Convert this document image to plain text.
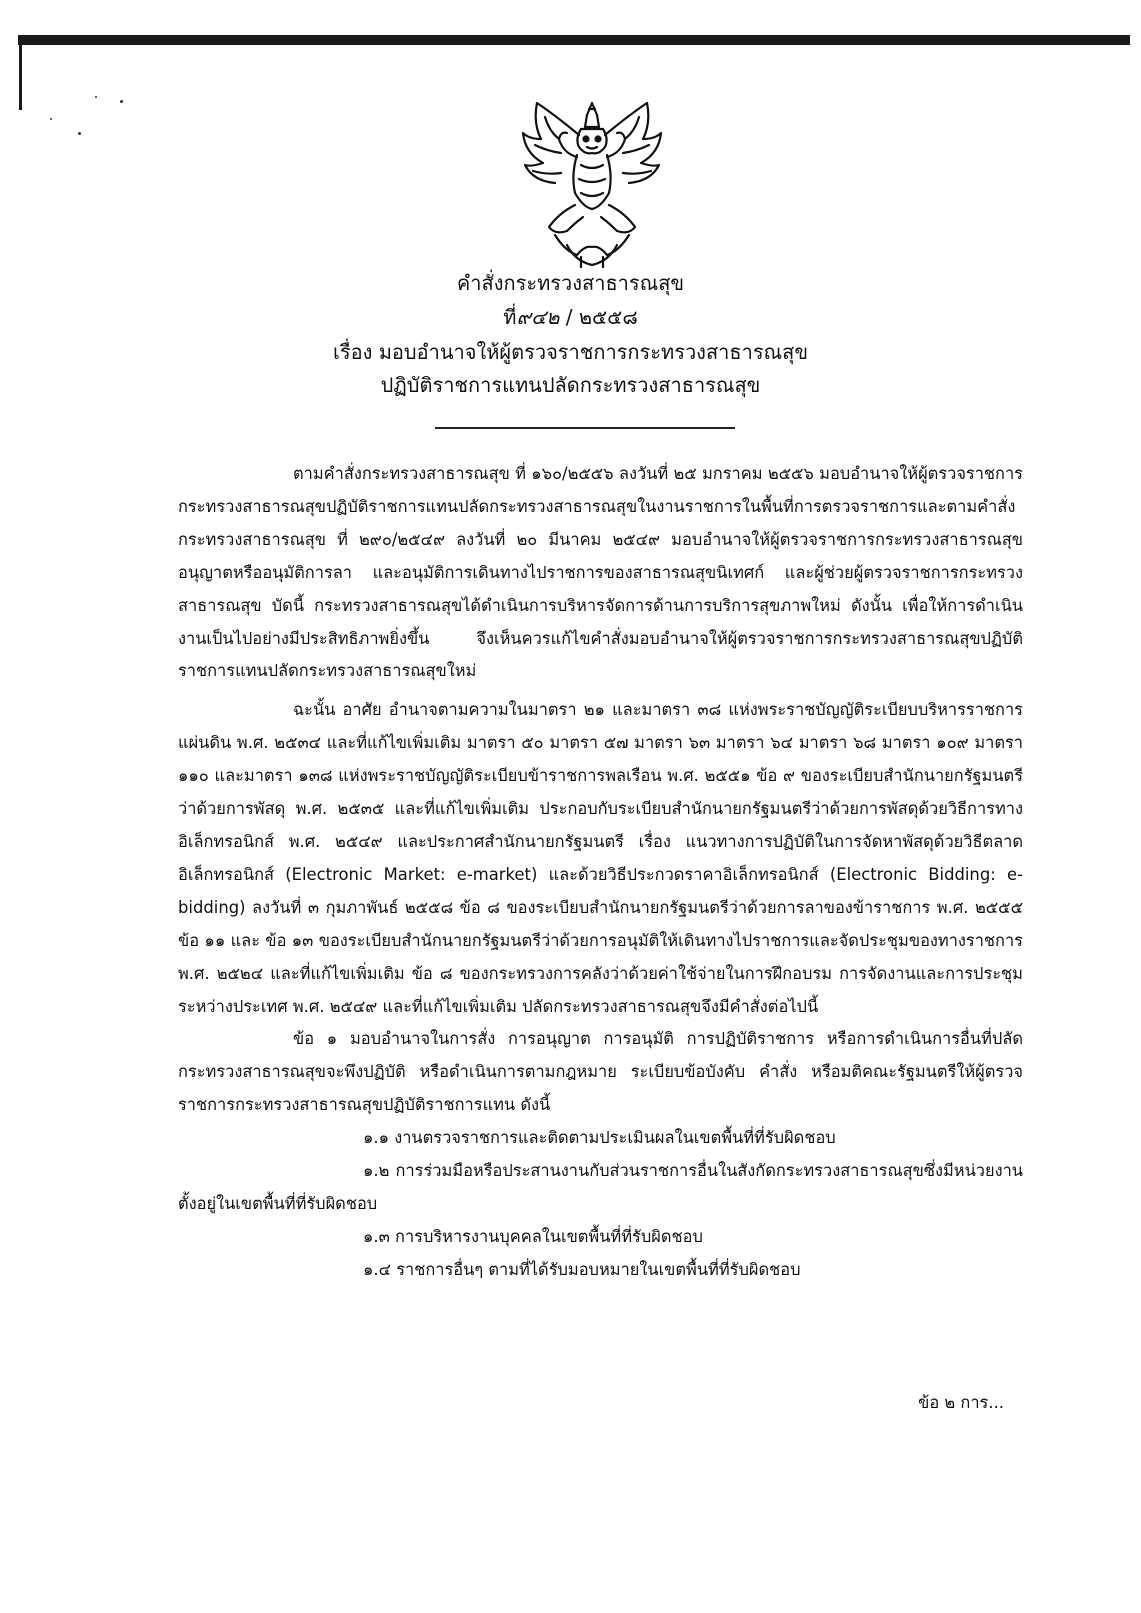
คำสั่งกระทรวงสาธารณสุข
ที่๙๔๒ / ๒๕๕๘
เรื่อง มอบอำนาจให้ผู้ตรวจราชการกระทรวงสาธารณสุข
ปฏิบัติราชการแทนปลัดกระทรวงสาธารณสุข

ตามคำสั่งกระทรวงสาธารณสุข ที่ ๑๖๐/๒๕๕๖ ลงวันที่ ๒๕ มกราคม ๒๕๕๖ มอบอำนาจให้ผู้ตรวจราชการกระทรวงสาธารณสุขปฏิบัติราชการแทนปลัดกระทรวงสาธารณสุขในงานราชการในพื้นที่การตรวจราชการและตามคำสั่งกระทรวงสาธารณสุข ที่ ๒๙๐/๒๕๔๙ ลงวันที่ ๒๐ มีนาคม ๒๕๔๙ มอบอำนาจให้ผู้ตรวจราชการกระทรวงสาธารณสุขอนุญาตหรืออนุมัติการลา และอนุมัติการเดินทางไปราชการของสาธารณสุขนิเทศก์ และผู้ช่วยผู้ตรวจราชการกระทรวงสาธารณสุข บัดนี้ กระทรวงสาธารณสุขได้ดำเนินการบริหารจัดการด้านการบริการสุขภาพใหม่ ดังนั้น เพื่อให้การดำเนินงานเป็นไปอย่างมีประสิทธิภาพยิ่งขึ้น จึงเห็นควรแก้ไขคำสั่งมอบอำนาจให้ผู้ตรวจราชการกระทรวงสาธารณสุขปฏิบัติราชการแทนปลัดกระทรวงสาธารณสุขใหม่

ฉะนั้น อาศัย อำนาจตามความในมาตรา ๒๑ และมาตรา ๓๘ แห่งพระราชบัญญัติระเบียบบริหารราชการแผ่นดิน พ.ศ. ๒๕๓๔ และที่แก้ไขเพิ่มเติม มาตรา ๕๐ มาตรา ๕๗ มาตรา ๖๓ มาตรา ๖๔ มาตรา ๖๘ มาตรา ๑๐๙ มาตรา ๑๑๐ และมาตรา ๑๓๘ แห่งพระราชบัญญัติระเบียบข้าราชการพลเรือน พ.ศ. ๒๕๕๑ ข้อ ๙ ของระเบียบสำนักนายกรัฐมนตรีว่าด้วยการพัสดุ พ.ศ. ๒๕๓๕ และที่แก้ไขเพิ่มเติม ประกอบกับระเบียบสำนักนายกรัฐมนตรีว่าด้วยการพัสดุด้วยวิธีการทางอิเล็กทรอนิกส์ พ.ศ. ๒๕๔๙ และประกาศสำนักนายกรัฐมนตรี เรื่อง แนวทางการปฏิบัติในการจัดหาพัสดุด้วยวิธีตลาดอิเล็กทรอนิกส์ (Electronic Market: e-market) และด้วยวิธีประกวดราคาอิเล็กทรอนิกส์ (Electronic Bidding: e-bidding) ลงวันที่ ๓ กุมภาพันธ์ ๒๕๕๘ ข้อ ๘ ของระเบียบสำนักนายกรัฐมนตรีว่าด้วยการลาของข้าราชการ พ.ศ. ๒๕๕๕ ข้อ ๑๑ และ ข้อ ๑๓ ของระเบียบสำนักนายกรัฐมนตรีว่าด้วยการอนุมัติให้เดินทางไปราชการและจัดประชุมของทางราชการ พ.ศ. ๒๕๒๔ และที่แก้ไขเพิ่มเติม ข้อ ๘ ของกระทรวงการคลังว่าด้วยค่าใช้จ่ายในการฝึกอบรม การจัดงานและการประชุมระหว่างประเทศ พ.ศ. ๒๕๔๙ และที่แก้ไขเพิ่มเติม ปลัดกระทรวงสาธารณสุขจึงมีคำสั่งต่อไปนี้

ข้อ ๑ มอบอำนาจในการสั่ง การอนุญาต การอนุมัติ การปฏิบัติราชการ หรือการดำเนินการอื่นที่ปลัดกระทรวงสาธารณสุขจะพึงปฏิบัติ หรือดำเนินการตามกฎหมาย ระเบียบข้อบังคับ คำสั่ง หรือมติคณะรัฐมนตรีให้ผู้ตรวจราชการกระทรวงสาธารณสุขปฏิบัติราชการแทน ดังนี้

๑.๑ งานตรวจราชการและติดตามประเมินผลในเขตพื้นที่ที่รับผิดชอบ

๑.๒ การร่วมมือหรือประสานงานกับส่วนราชการอื่นในสังกัดกระทรวงสาธารณสุขซึ่งมีหน่วยงานตั้งอยู่ในเขตพื้นที่ที่รับผิดชอบ

๑.๓ การบริหารงานบุคคลในเขตพื้นที่ที่รับผิดชอบ

๑.๔ ราชการอื่นๆ ตามที่ได้รับมอบหมายในเขตพื้นที่ที่รับผิดชอบ

ข้อ ๒ การ...
